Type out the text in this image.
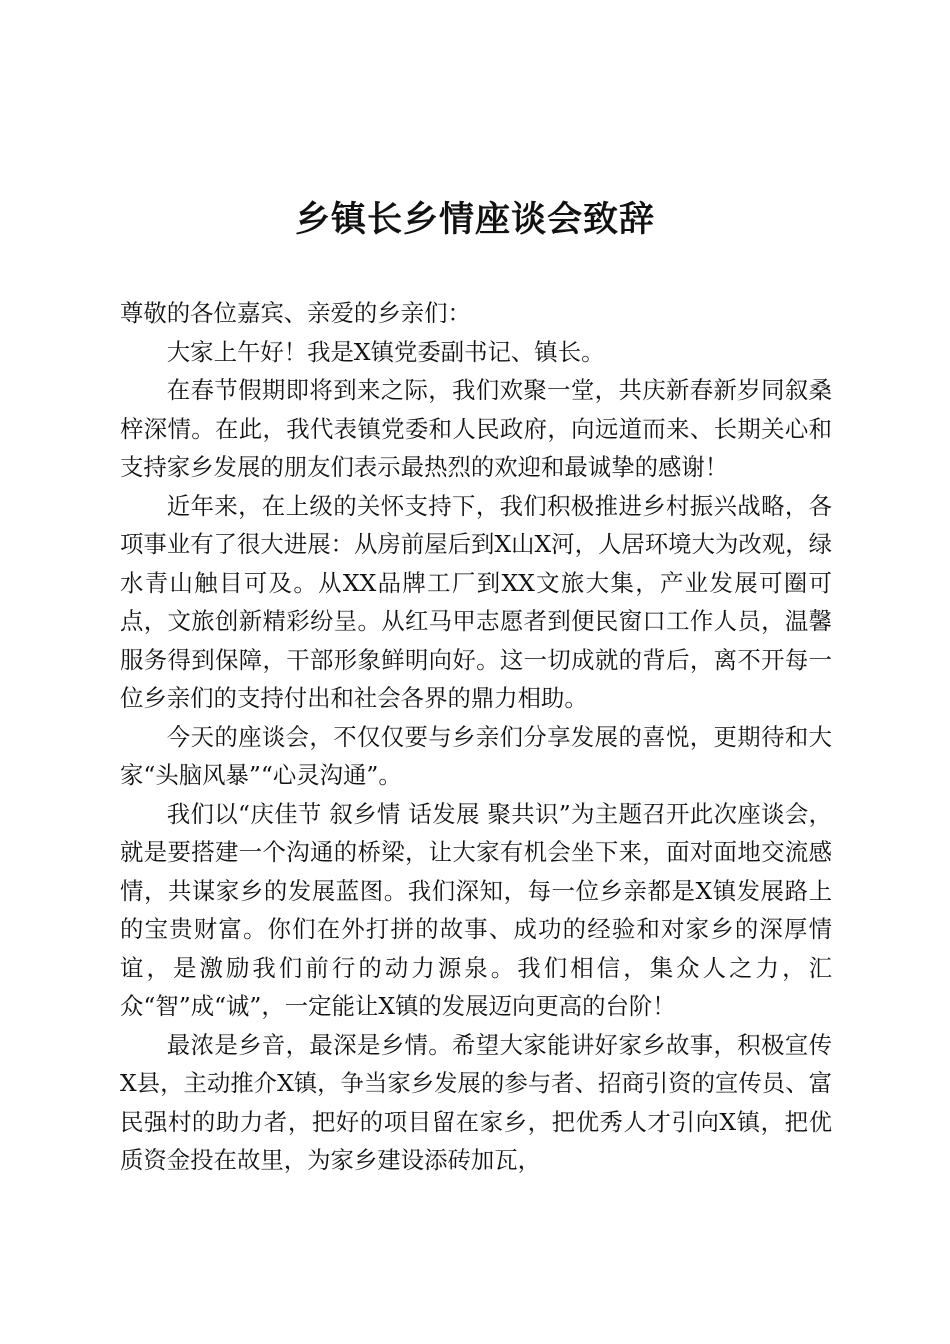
乡镇长乡情座谈会致辞

尊敬的各位嘉宾、亲爱的乡亲们：

大家上午好！我是X镇党委副书记、镇长。

在春节假期即将到来之际，我们欢聚一堂，共庆新春新岁同叙桑梓深情。在此，我代表镇党委和人民政府，向远道而来、长期关心和支持家乡发展的朋友们表示最热烈的欢迎和最诚挚的感谢！

近年来，在上级的关怀支持下，我们积极推进乡村振兴战略，各项事业有了很大进展：从房前屋后到X山X河，人居环境大为改观，绿水青山触目可及。从XX品牌工厂到XX文旅大集，产业发展可圈可点，文旅创新精彩纷呈。从红马甲志愿者到便民窗口工作人员，温馨服务得到保障，干部形象鲜明向好。这一切成就的背后，离不开每一位乡亲们的支持付出和社会各界的鼎力相助。

今天的座谈会，不仅仅要与乡亲们分享发展的喜悦，更期待和大家“头脑风暴”“心灵沟通”。

我们以“庆佳节 叙乡情 话发展 聚共识”为主题召开此次座谈会，就是要搭建一个沟通的桥梁，让大家有机会坐下来，面对面地交流感情，共谋家乡的发展蓝图。我们深知，每一位乡亲都是X镇发展路上的宝贵财富。你们在外打拼的故事、成功的经验和对家乡的深厚情谊，是激励我们前行的动力源泉。我们相信，集众人之力，汇众“智”成“诚”，一定能让X镇的发展迈向更高的台阶！

最浓是乡音，最深是乡情。希望大家能讲好家乡故事，积极宣传X县，主动推介X镇，争当家乡发展的参与者、招商引资的宣传员、富民强村的助力者，把好的项目留在家乡，把优秀人才引向X镇，把优质资金投在故里，为家乡建设添砖加瓦，
